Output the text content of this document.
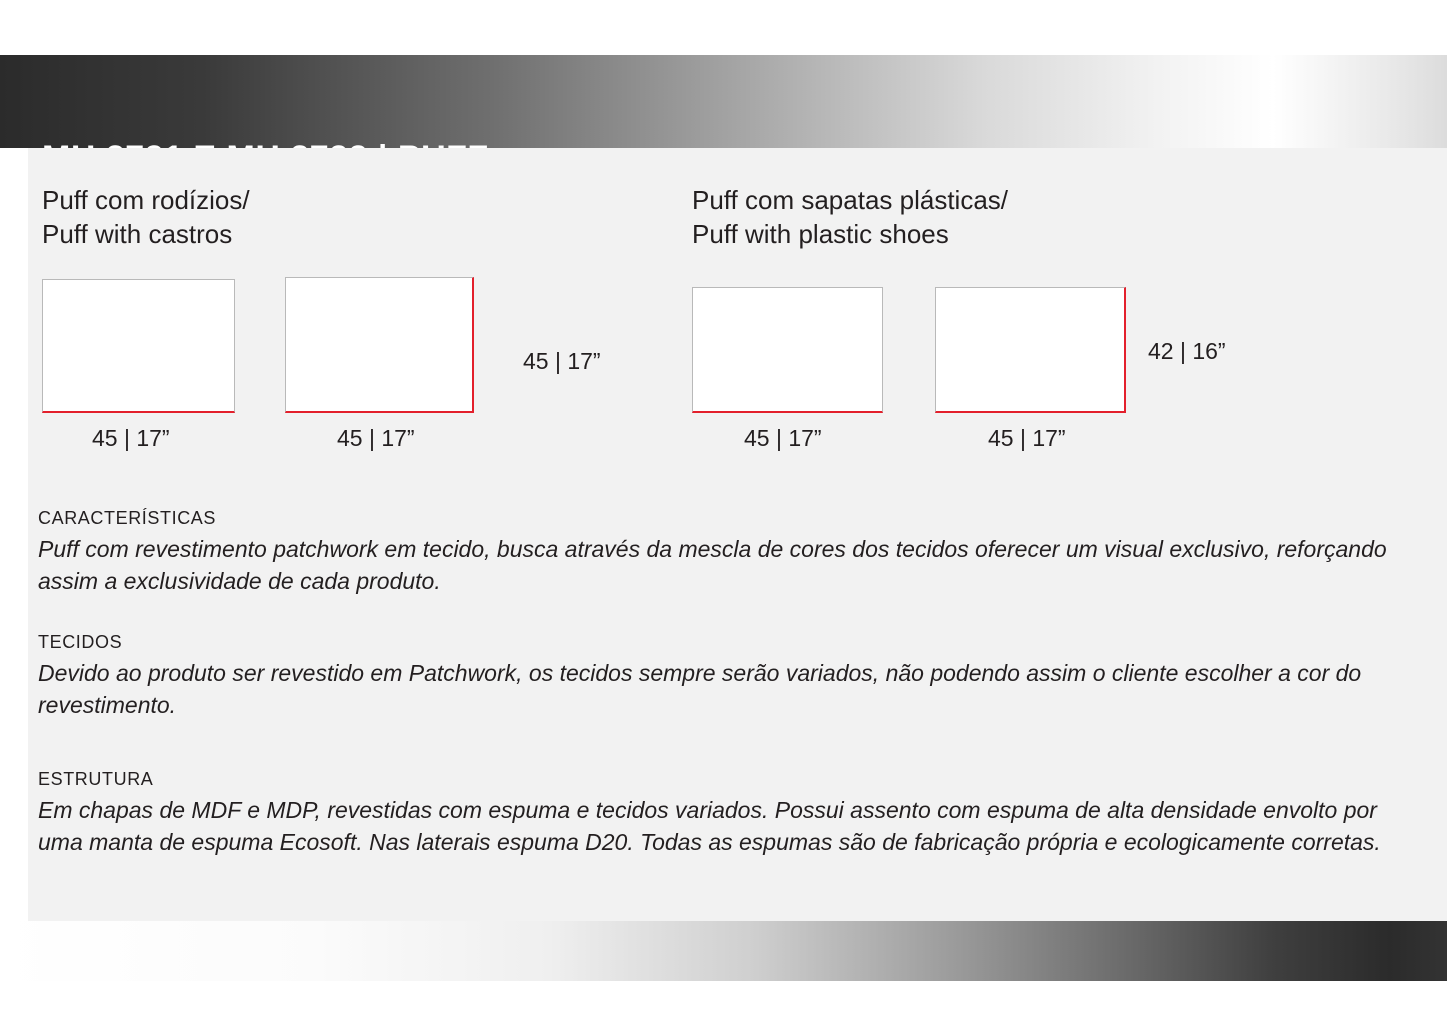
Puff com rodízios/
Puff with castros
45 | 17”	45 | 17”
45 | 17”
Puff com sapatas plásticas/
Puff with plastic shoes
45 | 17”	45 | 17”
42 | 16”
CARACTERÍSTICAS
Puff com revestimento patchwork em tecido, busca através da mescla de cores dos tecidos oferecer um visual exclusivo, reforçando assim a exclusividade de cada produto.
TECIDOS
Devido ao produto ser revestido em Patchwork, os tecidos sempre serão variados, não podendo assim o cliente escolher a cor do revestimento.
ESTRUTURA
Em chapas de MDF e MDP, revestidas com espuma e tecidos variados. Possui assento com espuma de alta densidade envolto por uma manta de espuma Ecosoft. Nas laterais espuma D20. Todas as espumas são de fabricação própria e ecologicamente corretas.
